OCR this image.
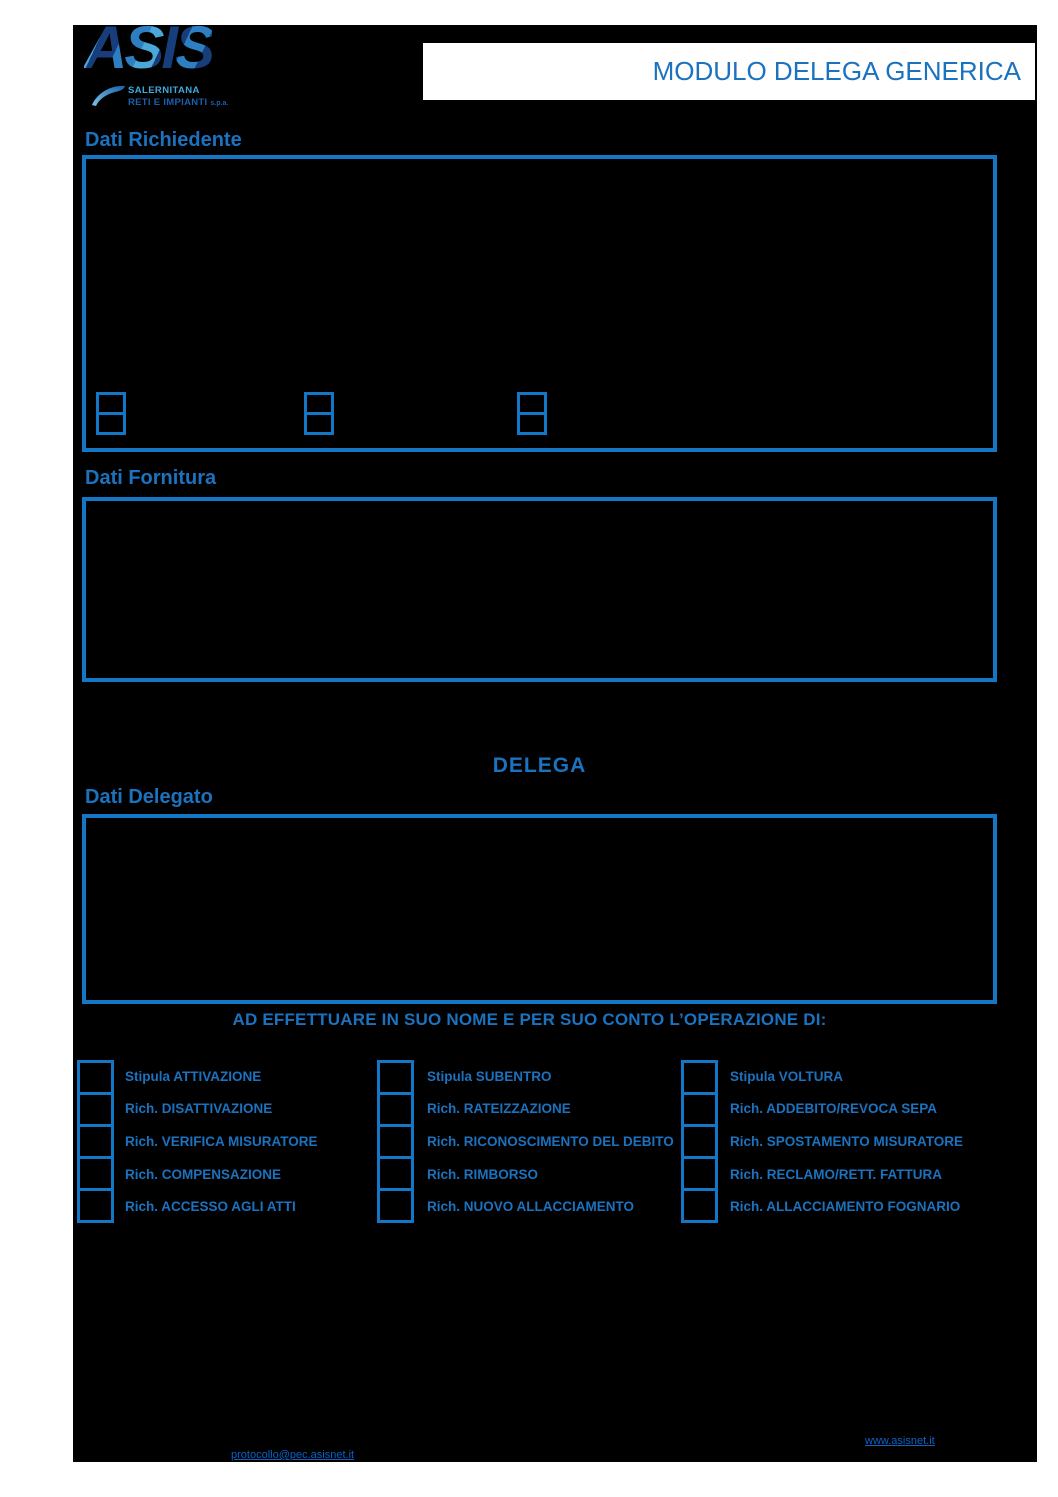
ASIS
SALERNITANA
RETI E IMPIANTI s.p.a.
MODULO DELEGA GENERICA
Dati Richiedente
Dati Fornitura
DELEGA
Dati Delegato
AD EFFETTUARE IN SUO NOME E PER SUO CONTO L’OPERAZIONE DI:
Stipula ATTIVAZIONE
Rich. DISATTIVAZIONE
Rich. VERIFICA MISURATORE
Rich. COMPENSAZIONE
Rich. ACCESSO AGLI ATTI
Stipula SUBENTRO
Rich. RATEIZZAZIONE
Rich. RICONOSCIMENTO DEL DEBITO
Rich. RIMBORSO
Rich. NUOVO ALLACCIAMENTO
Stipula VOLTURA
Rich. ADDEBITO/REVOCA SEPA
Rich. SPOSTAMENTO MISURATORE
Rich. RECLAMO/RETT. FATTURA
Rich. ALLACCIAMENTO FOGNARIO
www.asisnet.it
protocollo@pec.asisnet.it
